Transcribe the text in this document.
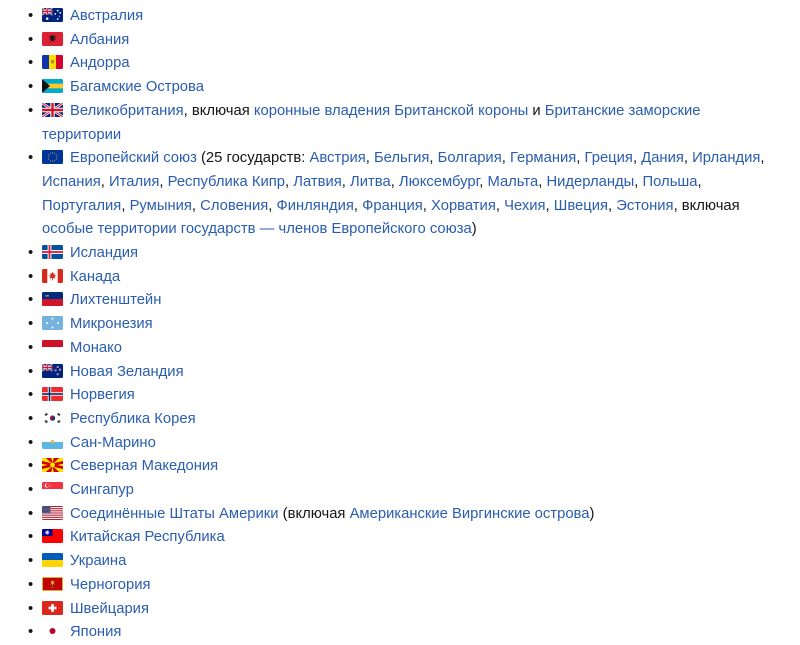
• Австралия
• Албания
• Андорра
• Багамские Острова
• Великобритания, включая коронные владения Британской короны и Британские заморские территории
• Европейский союз (25 государств: Австрия, Бельгия, Болгария, Германия, Греция, Дания, Ирландия, Испания, Италия, Республика Кипр, Латвия, Литва, Люксембург, Мальта, Нидерланды, Польша, Португалия, Румыния, Словения, Финляндия, Франция, Хорватия, Чехия, Швеция, Эстония, включая особые территории государств — членов Европейского союза)
• Исландия
• Канада
• Лихтенштейн
• Микронезия
• Монако
• Новая Зеландия
• Норвегия
• Республика Корея
• Сан-Марино
• Северная Македония
• Сингапур
• Соединённые Штаты Америки (включая Американские Виргинские острова)
• Китайская Республика
• Украина
• Черногория
• Швейцария
• Япония
